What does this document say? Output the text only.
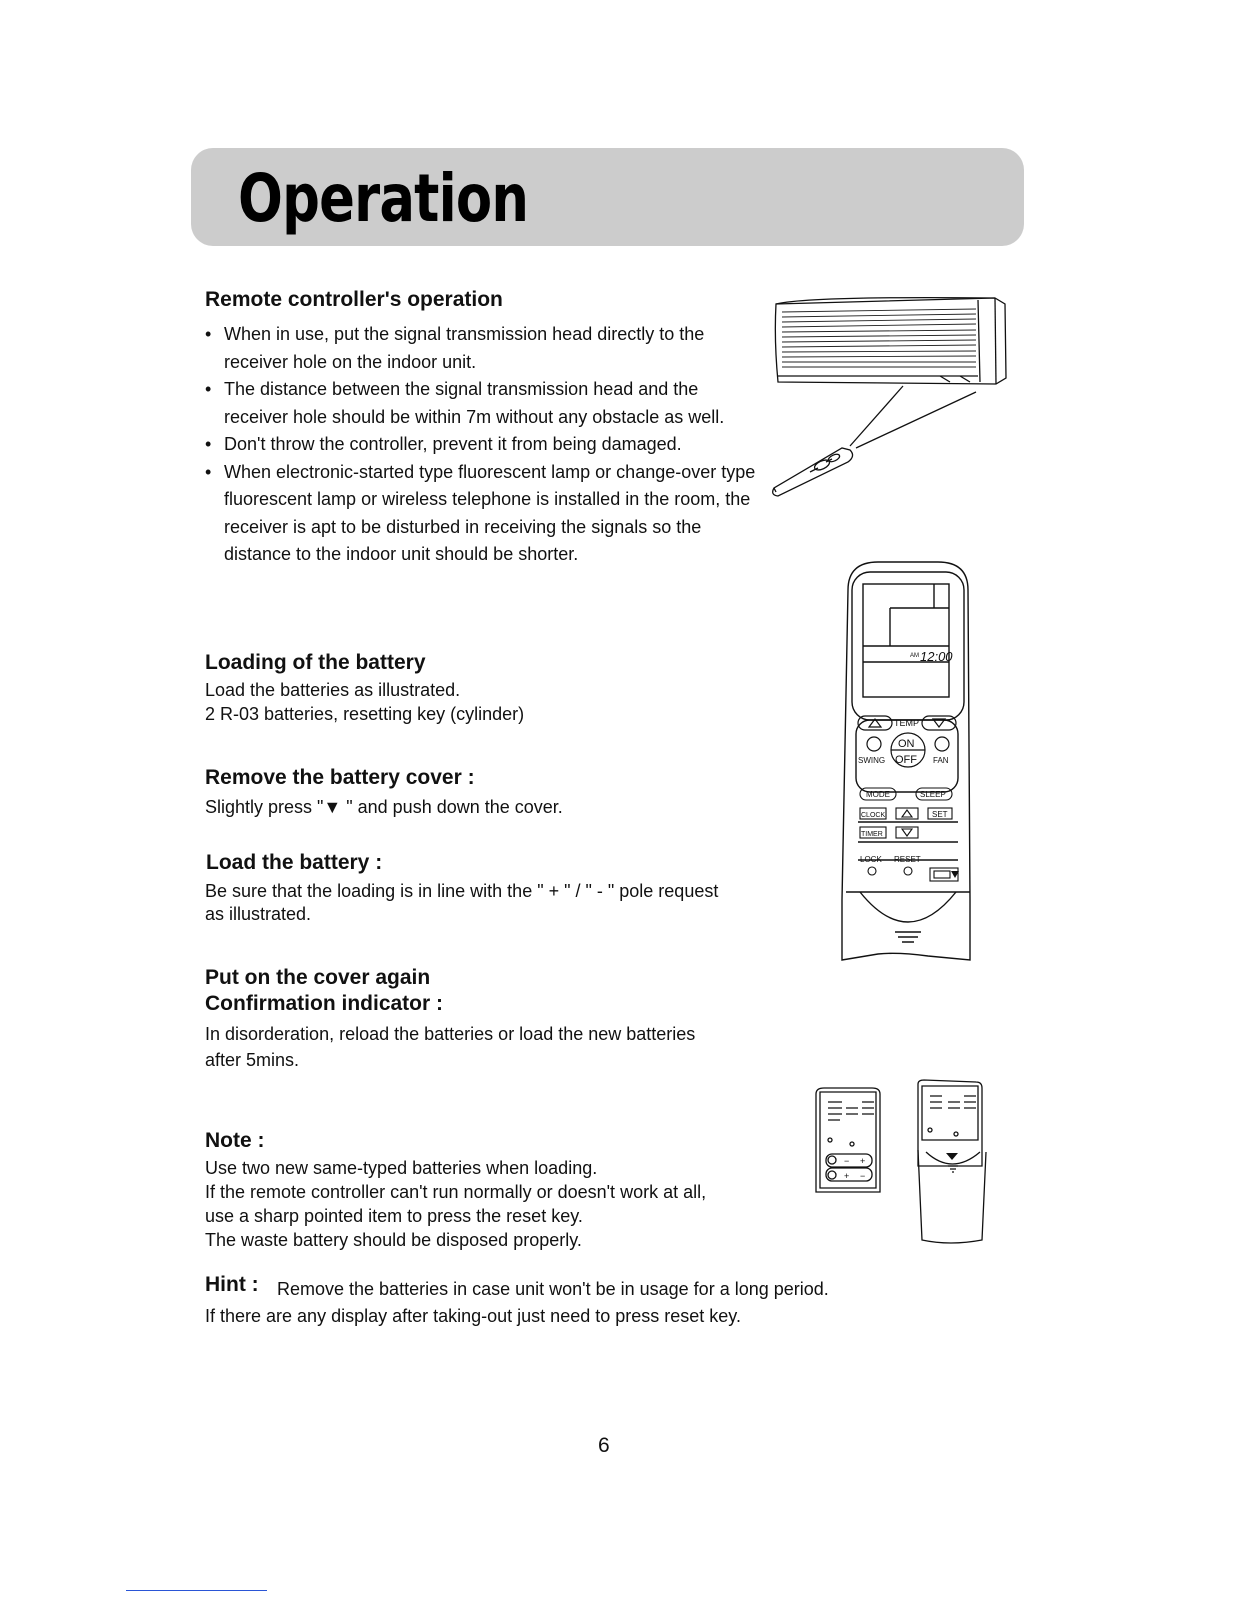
Operation
Remote controller's operation
• When in use, put the signal transmission head directly to the receiver hole on the indoor unit.
• The distance between the signal transmission head and the receiver hole should be within 7m without any obstacle as well.
• Don't throw the controller, prevent it from being damaged.
• When electronic-started type fluorescent lamp or change-over type fluorescent lamp or wireless telephone is installed in the room, the receiver is apt to be disturbed in receiving the signals so the distance to the indoor unit should be shorter.
Loading of the battery
Load the batteries as illustrated.
2 R-03 batteries, resetting key (cylinder)
Remove the battery cover :
Slightly press "▼ " and push down the cover.
Load the battery :
Be sure that the loading is in line with the " + " / " - " pole request
as illustrated.
Put on the cover again
Confirmation indicator :
In disorderation, reload the batteries or load the new batteries
after 5mins.
Note :
Use two new same-typed batteries when loading.
If the remote controller can't run normally or doesn't work at all,
use a sharp pointed item to press the reset key.
The waste battery should be disposed properly.
Hint : Remove the batteries in case unit won't be in usage for a long period.
If there are any display after taking-out just need to press reset key.
6
AM 12:00
TEMP
ON
OFF
SWING	FAN
MODE	SLEEP
CLOCK	SET
TIMER
LOCK RESET
−
+
+
−
